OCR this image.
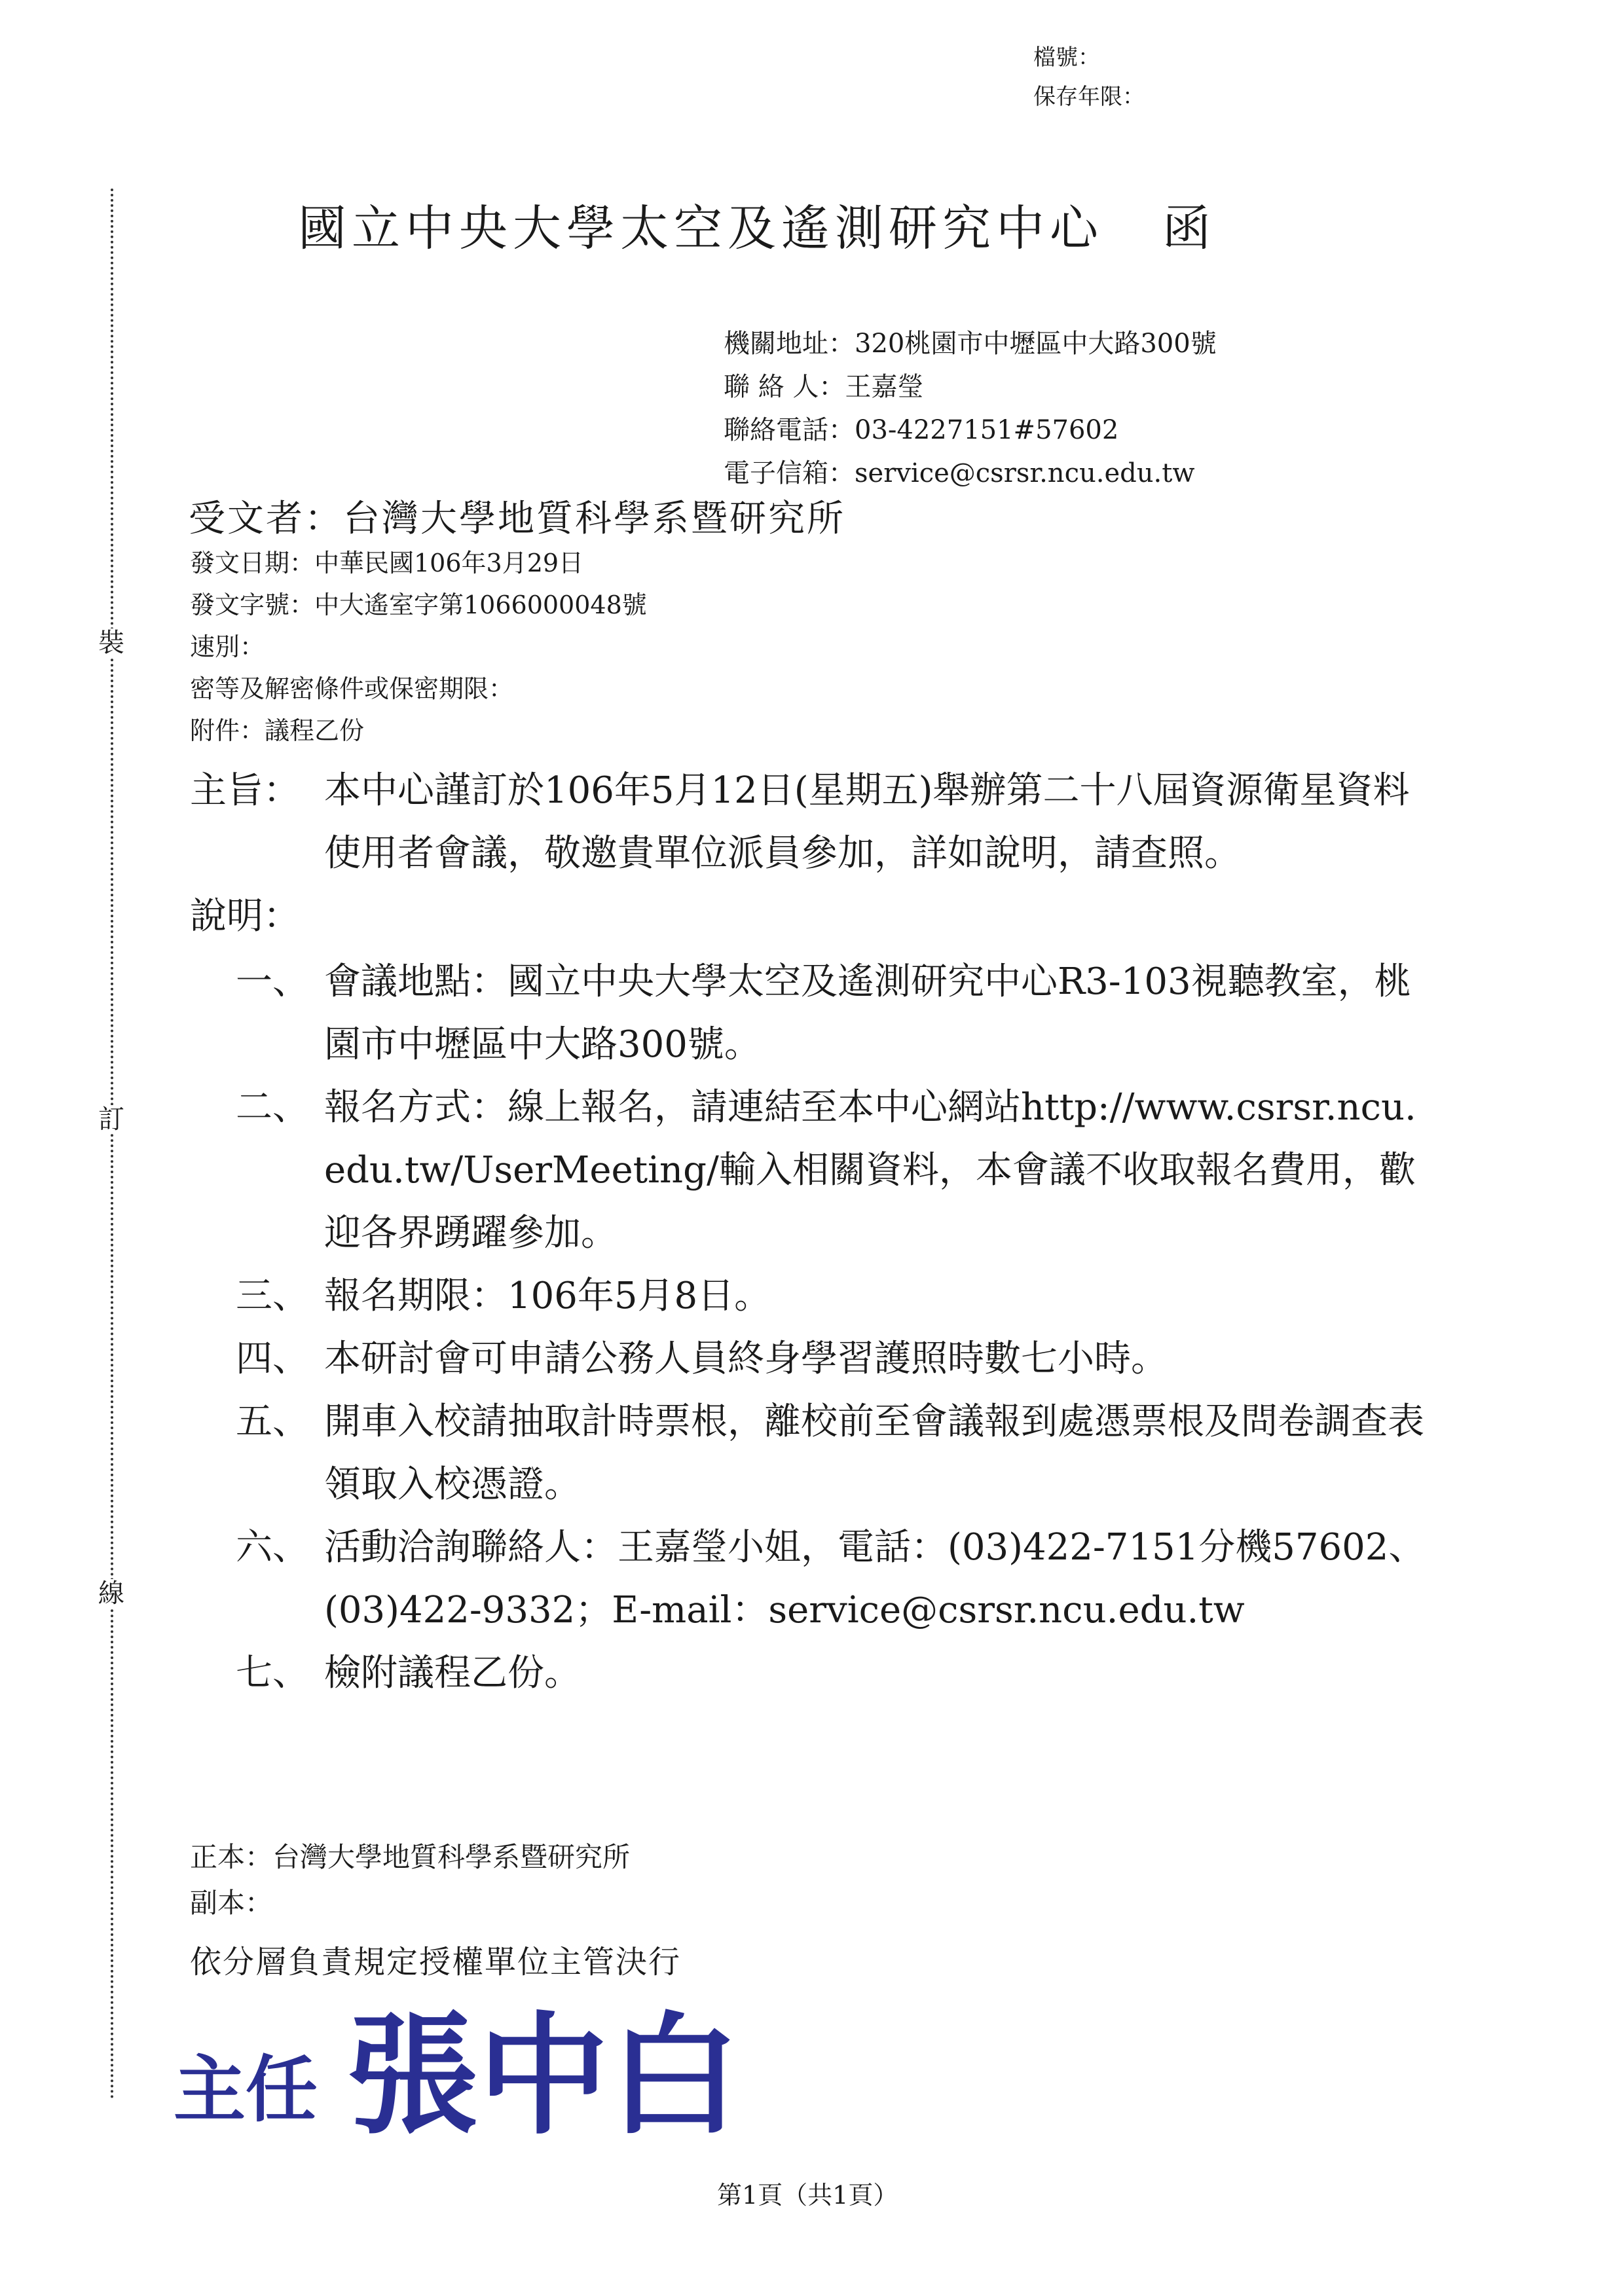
檔號：
保存年限：
裝
訂
線
國立中央大學太空及遙測研究中心 函
機關地址：320桃園市中壢區中大路300號
聯 絡 人：王嘉瑩
聯絡電話：03-4227151#57602
電子信箱：service@csrsr.ncu.edu.tw
受文者：台灣大學地質科學系暨研究所
發文日期：中華民國106年3月29日
發文字號：中大遙室字第1066000048號
速別：
密等及解密條件或保密期限：
附件：議程乙份
主旨： 本中心謹訂於106年5月12日(星期五)舉辦第二十八屆資源衛星資料使用者會議，敬邀貴單位派員參加，詳如說明，請查照。
說明：
一、 會議地點：國立中央大學太空及遙測研究中心R3-103視聽教室，桃園市中壢區中大路300號。
二、 報名方式：線上報名，請連結至本中心網站http://www.csrsr.ncu.edu.tw/UserMeeting/輸入相關資料，本會議不收取報名費用，歡迎各界踴躍參加。
三、 報名期限：106年5月8日。
四、 本研討會可申請公務人員終身學習護照時數七小時。
五、 開車入校請抽取計時票根，離校前至會議報到處憑票根及問卷調查表領取入校憑證。
六、 活動洽詢聯絡人：王嘉瑩小姐，電話：(03)422-7151分機57602、(03)422-9332；E-mail：service@csrsr.ncu.edu.tw
七、 檢附議程乙份。
正本：台灣大學地質科學系暨研究所
副本：
依分層負責規定授權單位主管決行
主任 張中白
第1頁（共1頁）
